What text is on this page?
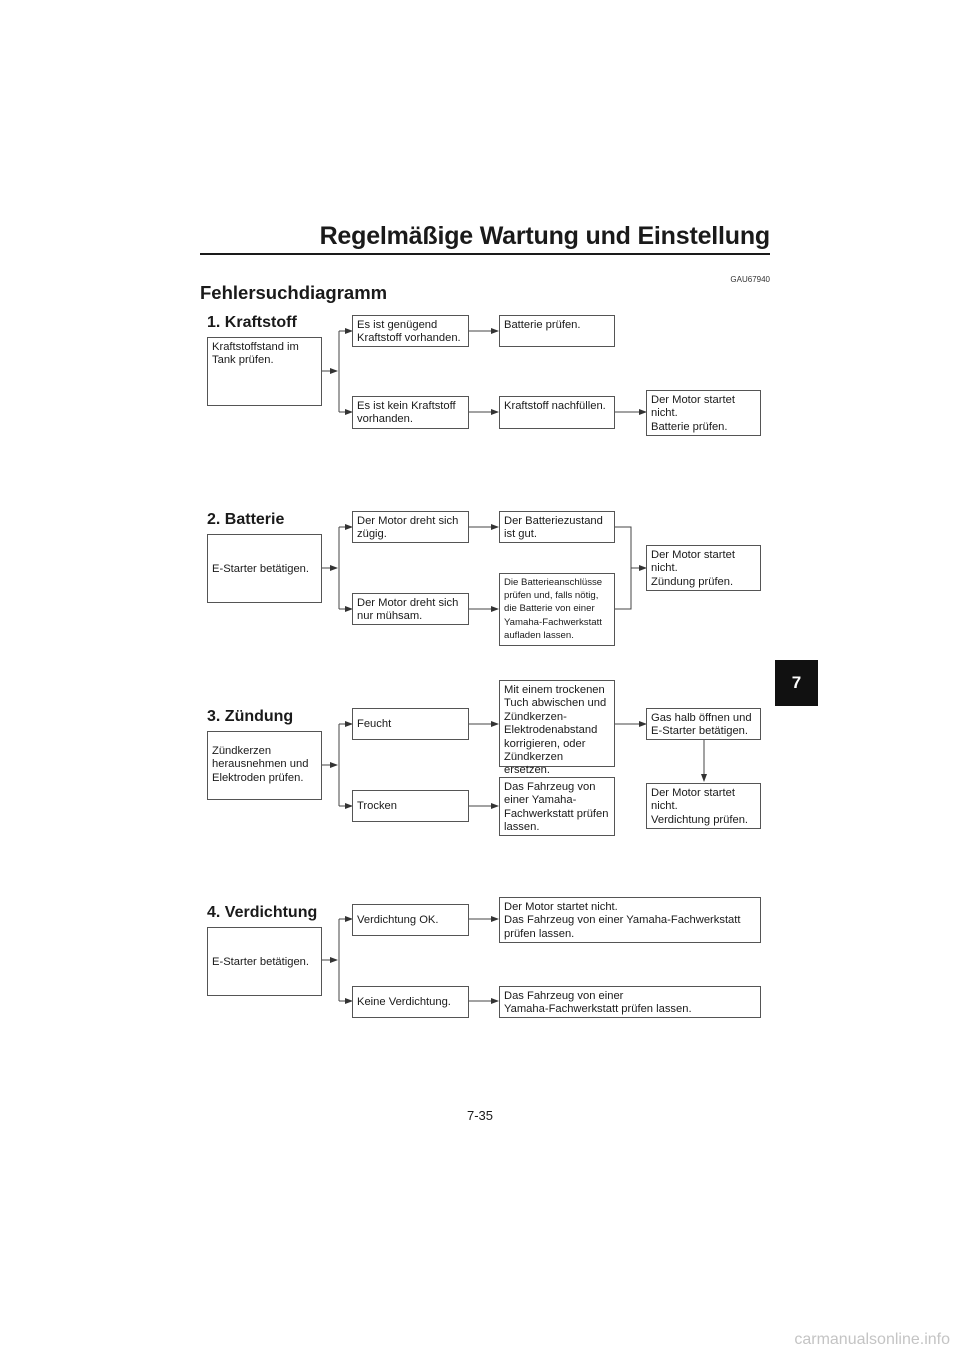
Regelmäßige Wartung und Einstellung
GAU67940
Fehlersuchdiagramm
1. Kraftstoff
Kraftstoffstand im
Tank prüfen.
Es ist genügend
Kraftstoff vorhanden.
Batterie prüfen.
Es ist kein Kraftstoff
vorhanden.
Kraftstoff nachfüllen.	Der Motor startet
nicht.
Batterie prüfen.
2. Batterie
E-Starter betätigen.
Der Motor dreht sich
zügig.
Der Batteriezustand
ist gut.
Der Motor dreht sich
nur mühsam.
Die Batterieanschlüsse
prüfen und, falls nötig,
die Batterie von einer
Yamaha-Fachwerkstatt
aufladen lassen.
Der Motor startet
nicht.
Zündung prüfen.
3. Zündung
Zündkerzen
herausnehmen und
Elektroden prüfen.
Feucht
Mit einem trockenen
Tuch abwischen und
Zündkerzen-
Elektrodenabstand
korrigieren, oder
Zündkerzen ersetzen.
Trocken
Das Fahrzeug von
einer Yamaha-
Fachwerkstatt prüfen
lassen.
Gas halb öffnen und
E-Starter betätigen.
Der Motor startet
nicht.
Verdichtung prüfen.
4. Verdichtung
E-Starter betätigen.
Verdichtung OK.
Der Motor startet nicht.
Das Fahrzeug von einer Yamaha-Fachwerkstatt
prüfen lassen.
Keine Verdichtung.	Das Fahrzeug von einer
Yamaha-Fachwerkstatt prüfen lassen.
7
7-35
carmanualsonline.info
